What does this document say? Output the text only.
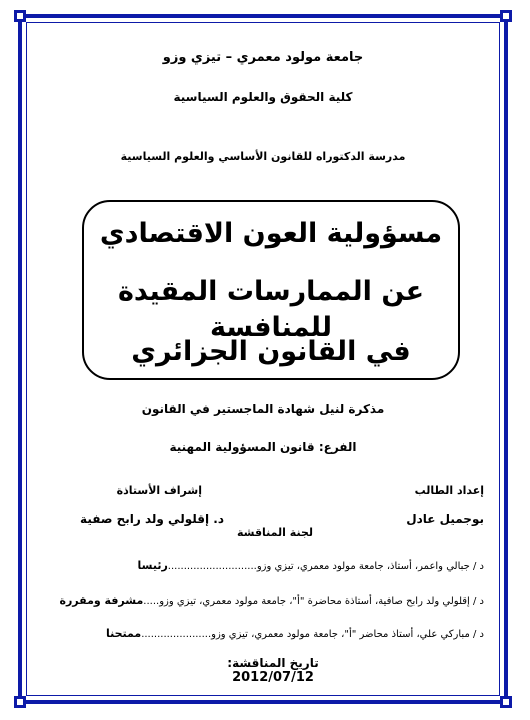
جامعة مولود معمري – تيزي وزو
كلية الحقوق والعلوم السياسية
مدرسة الدكتوراه للقانون الأساسي والعلوم السياسية
مسؤولية العون الاقتصادي
عن الممارسات المقيدة للمنافسة
في القانون الجزائري
مذكرة لنيل شهادة الماجستير في القانون
الفرع: قانون المسؤولية المهنية
إعداد الطالب
بوجميل عادل
إشراف الأستاذة
د. إقلولي ولد رابح صفية
لجنة المناقشة
د / جبالي واعمر، أستاذ، جامعة مولود معمري، تيزي وزو............................رئيسا
د / إقلولي ولد رابح صافية، أستاذة محاضرة "أ"، جامعة مولود معمري، تيزي وزو.....مشرفة ومقررة
د / مباركي علي، أستاذ محاضر "أ"، جامعة مولود معمري، تيزي وزو......................ممتحنا
تاريخ المناقشة: 2012/07/12
